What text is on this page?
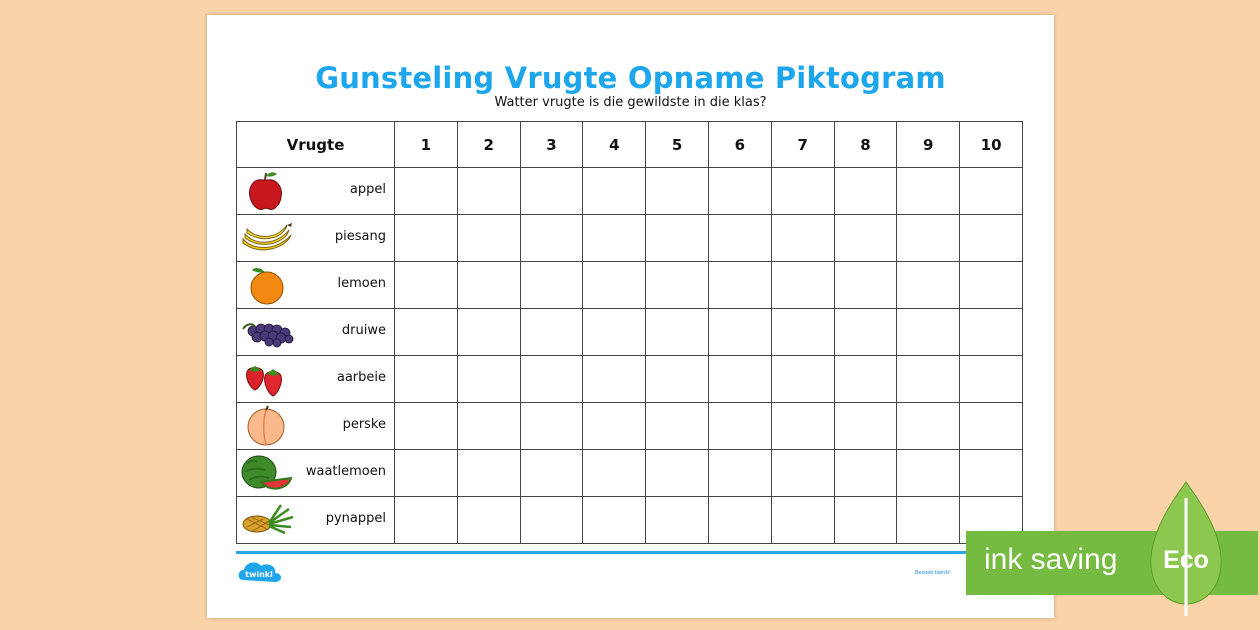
Gunsteling Vrugte Opname Piktogram
Watter vrugte is die gewildste in die klas?
Vrugte	1	2	3	4	5	6	7	8	9	10

appel										

piesang										

lemoen										

druiwe										

aarbeie										

perske										

waatlemoen										

pynappel										

twinkl	Besoek twinkl ink saving Eco
